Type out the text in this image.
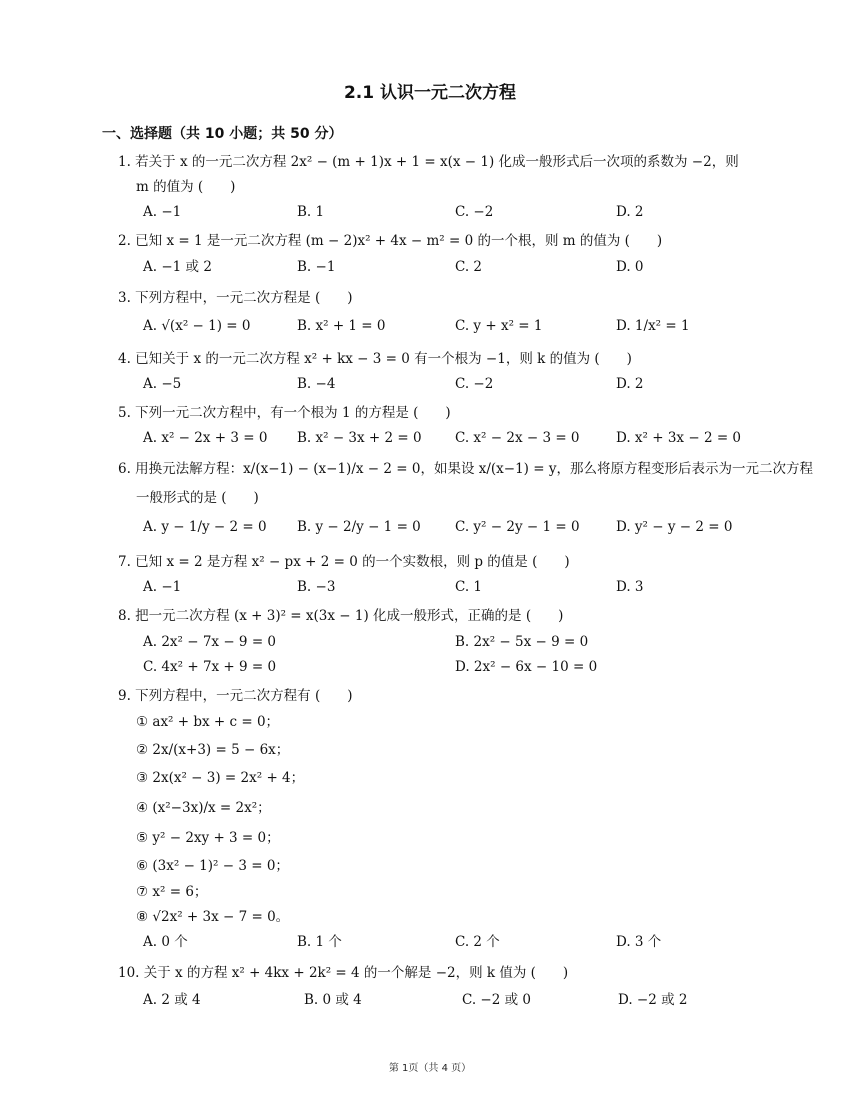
2.1 认识一元二次方程
一、选择题（共 10 小题；共 50 分）
1. 若关于 x 的一元二次方程 2x² − (m + 1)x + 1 = x(x − 1) 化成一般形式后一次项的系数为 −2，则
m 的值为 (　　)
A. −1	B. 1	C. −2	D. 2
2. 已知 x = 1 是一元二次方程 (m − 2)x² + 4x − m² = 0 的一个根，则 m 的值为 (　　)
A. −1 或 2	B. −1	C. 2	D. 0
3. 下列方程中，一元二次方程是 (　　)
A. √(x² − 1) = 0	B. x² + 1 = 0	C. y + x² = 1	D. 1/x² = 1
4. 已知关于 x 的一元二次方程 x² + kx − 3 = 0 有一个根为 −1，则 k 的值为 (　　)
A. −5	B. −4	C. −2	D. 2
5. 下列一元二次方程中，有一个根为 1 的方程是 (　　)
A. x² − 2x + 3 = 0 B. x² − 3x + 2 = 0 C. x² − 2x − 3 = 0	D. x² + 3x − 2 = 0
6. 用换元法解方程：x/(x−1) − (x−1)/x − 2 = 0，如果设 x/(x−1) = y，那么将原方程变形后表示为一元二次方程
一般形式的是 (　　)
A. y − 1/y − 2 = 0 B. y − 2/y − 1 = 0	C. y² − 2y − 1 = 0	D. y² − y − 2 = 0
7. 已知 x = 2 是方程 x² − px + 2 = 0 的一个实数根，则 p 的值是 (　　)
A. −1	B. −3	C. 1	D. 3
8. 把一元二次方程 (x + 3)² = x(3x − 1) 化成一般形式，正确的是 (　　)
A. 2x² − 7x − 9 = 0	B. 2x² − 5x − 9 = 0
C. 4x² + 7x + 9 = 0	D. 2x² − 6x − 10 = 0
9. 下列方程中，一元二次方程有 (　　)
① ax² + bx + c = 0；
② 2x/(x+3) = 5 − 6x；
③ 2x(x² − 3) = 2x² + 4；
④ (x²−3x)/x = 2x²；
⑤ y² − 2xy + 3 = 0；
⑥ (3x² − 1)² − 3 = 0；
⑦ x² = 6；
⑧ √2x² + 3x − 7 = 0。
A. 0 个	B. 1 个	C. 2 个	D. 3 个
10. 关于 x 的方程 x² + 4kx + 2k² = 4 的一个解是 −2，则 k 值为 (　　)
A. 2 或 4	B. 0 或 4	C. −2 或 0	D. −2 或 2
第 1页（共 4 页）
